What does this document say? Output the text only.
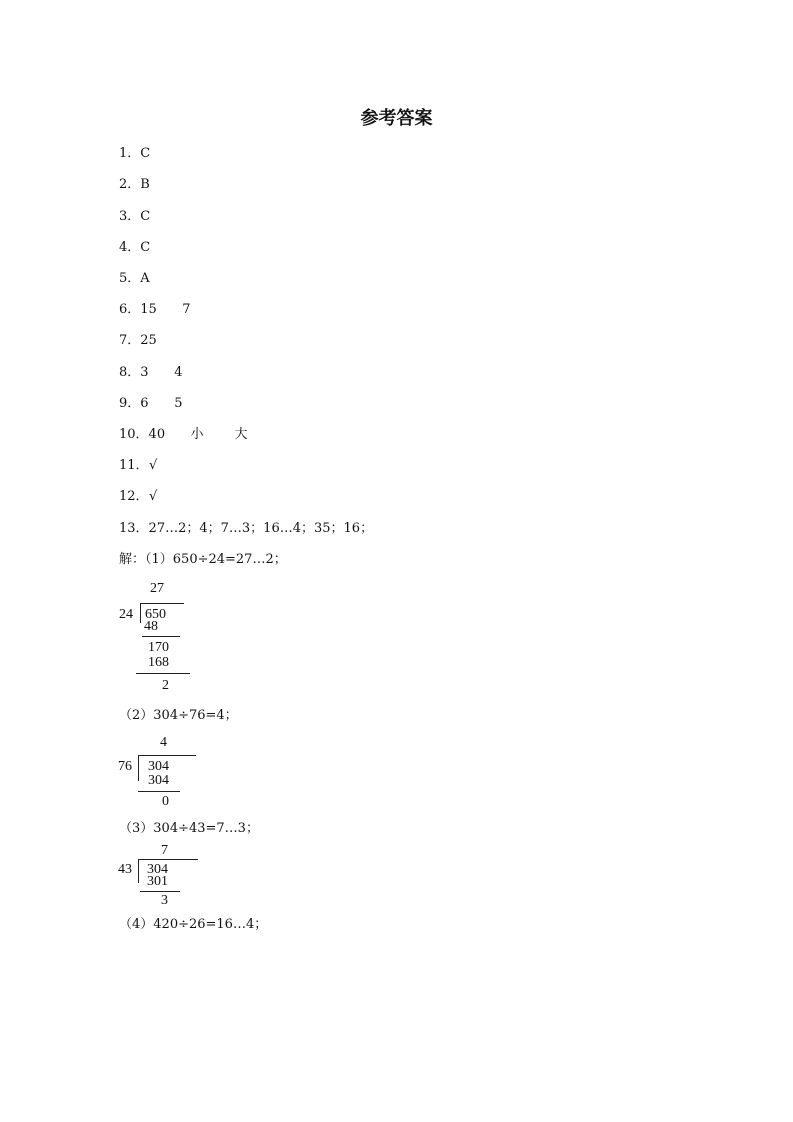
参考答案
1．C
2．B
3．C
4．C
5．A
6．15 7
7．25
8．3 4
9．6 5
10．40 小 大
11．√
12．√
13．27…2；4；7…3；16…4；35；16；
解：（1）650÷24=27…2；
27
24 650
48
170
168
2
（2）304÷76=4；
4
76 304
304
0
（3）304÷43=7…3；
7
43 304
301
3
（4）420÷26=16…4；
